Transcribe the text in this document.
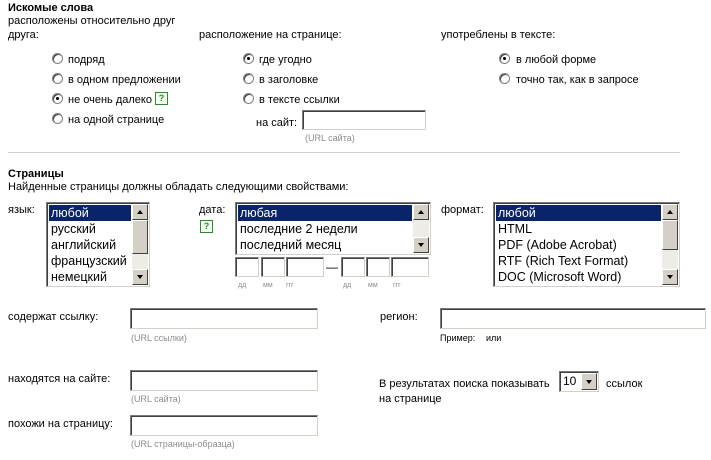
Искомые слова
расположены относительно друг
друга:
подряд
в одном предложении
не очень далеко ?
на одной странице
расположение на странице:
где угодно
в заголовке
в тексте ссылки
на сайт:
(URL сайта)
употреблены в тексте:
в любой форме
точно так, как в запросе
Страницы
Найденные страницы должны обладать следующими свойствами:
язык: любой
русский
английский
французский
немецкий
дата:
?
любая
последние 2 недели
последний месяц
—
дд мм ггг	дд мм ггг
формат: любой
HTML
PDF (Adobe Acrobat)
RTF (Rich Text Format)
DOC (Microsoft Word)
содержат ссылку:
(URL ссылки)
регион:
Пример: или
находятся на сайте:
(URL сайта)
В результатах поиска показывать 10	ссылок
на странице
похожи на страницу:
(URL страницы-образца)
